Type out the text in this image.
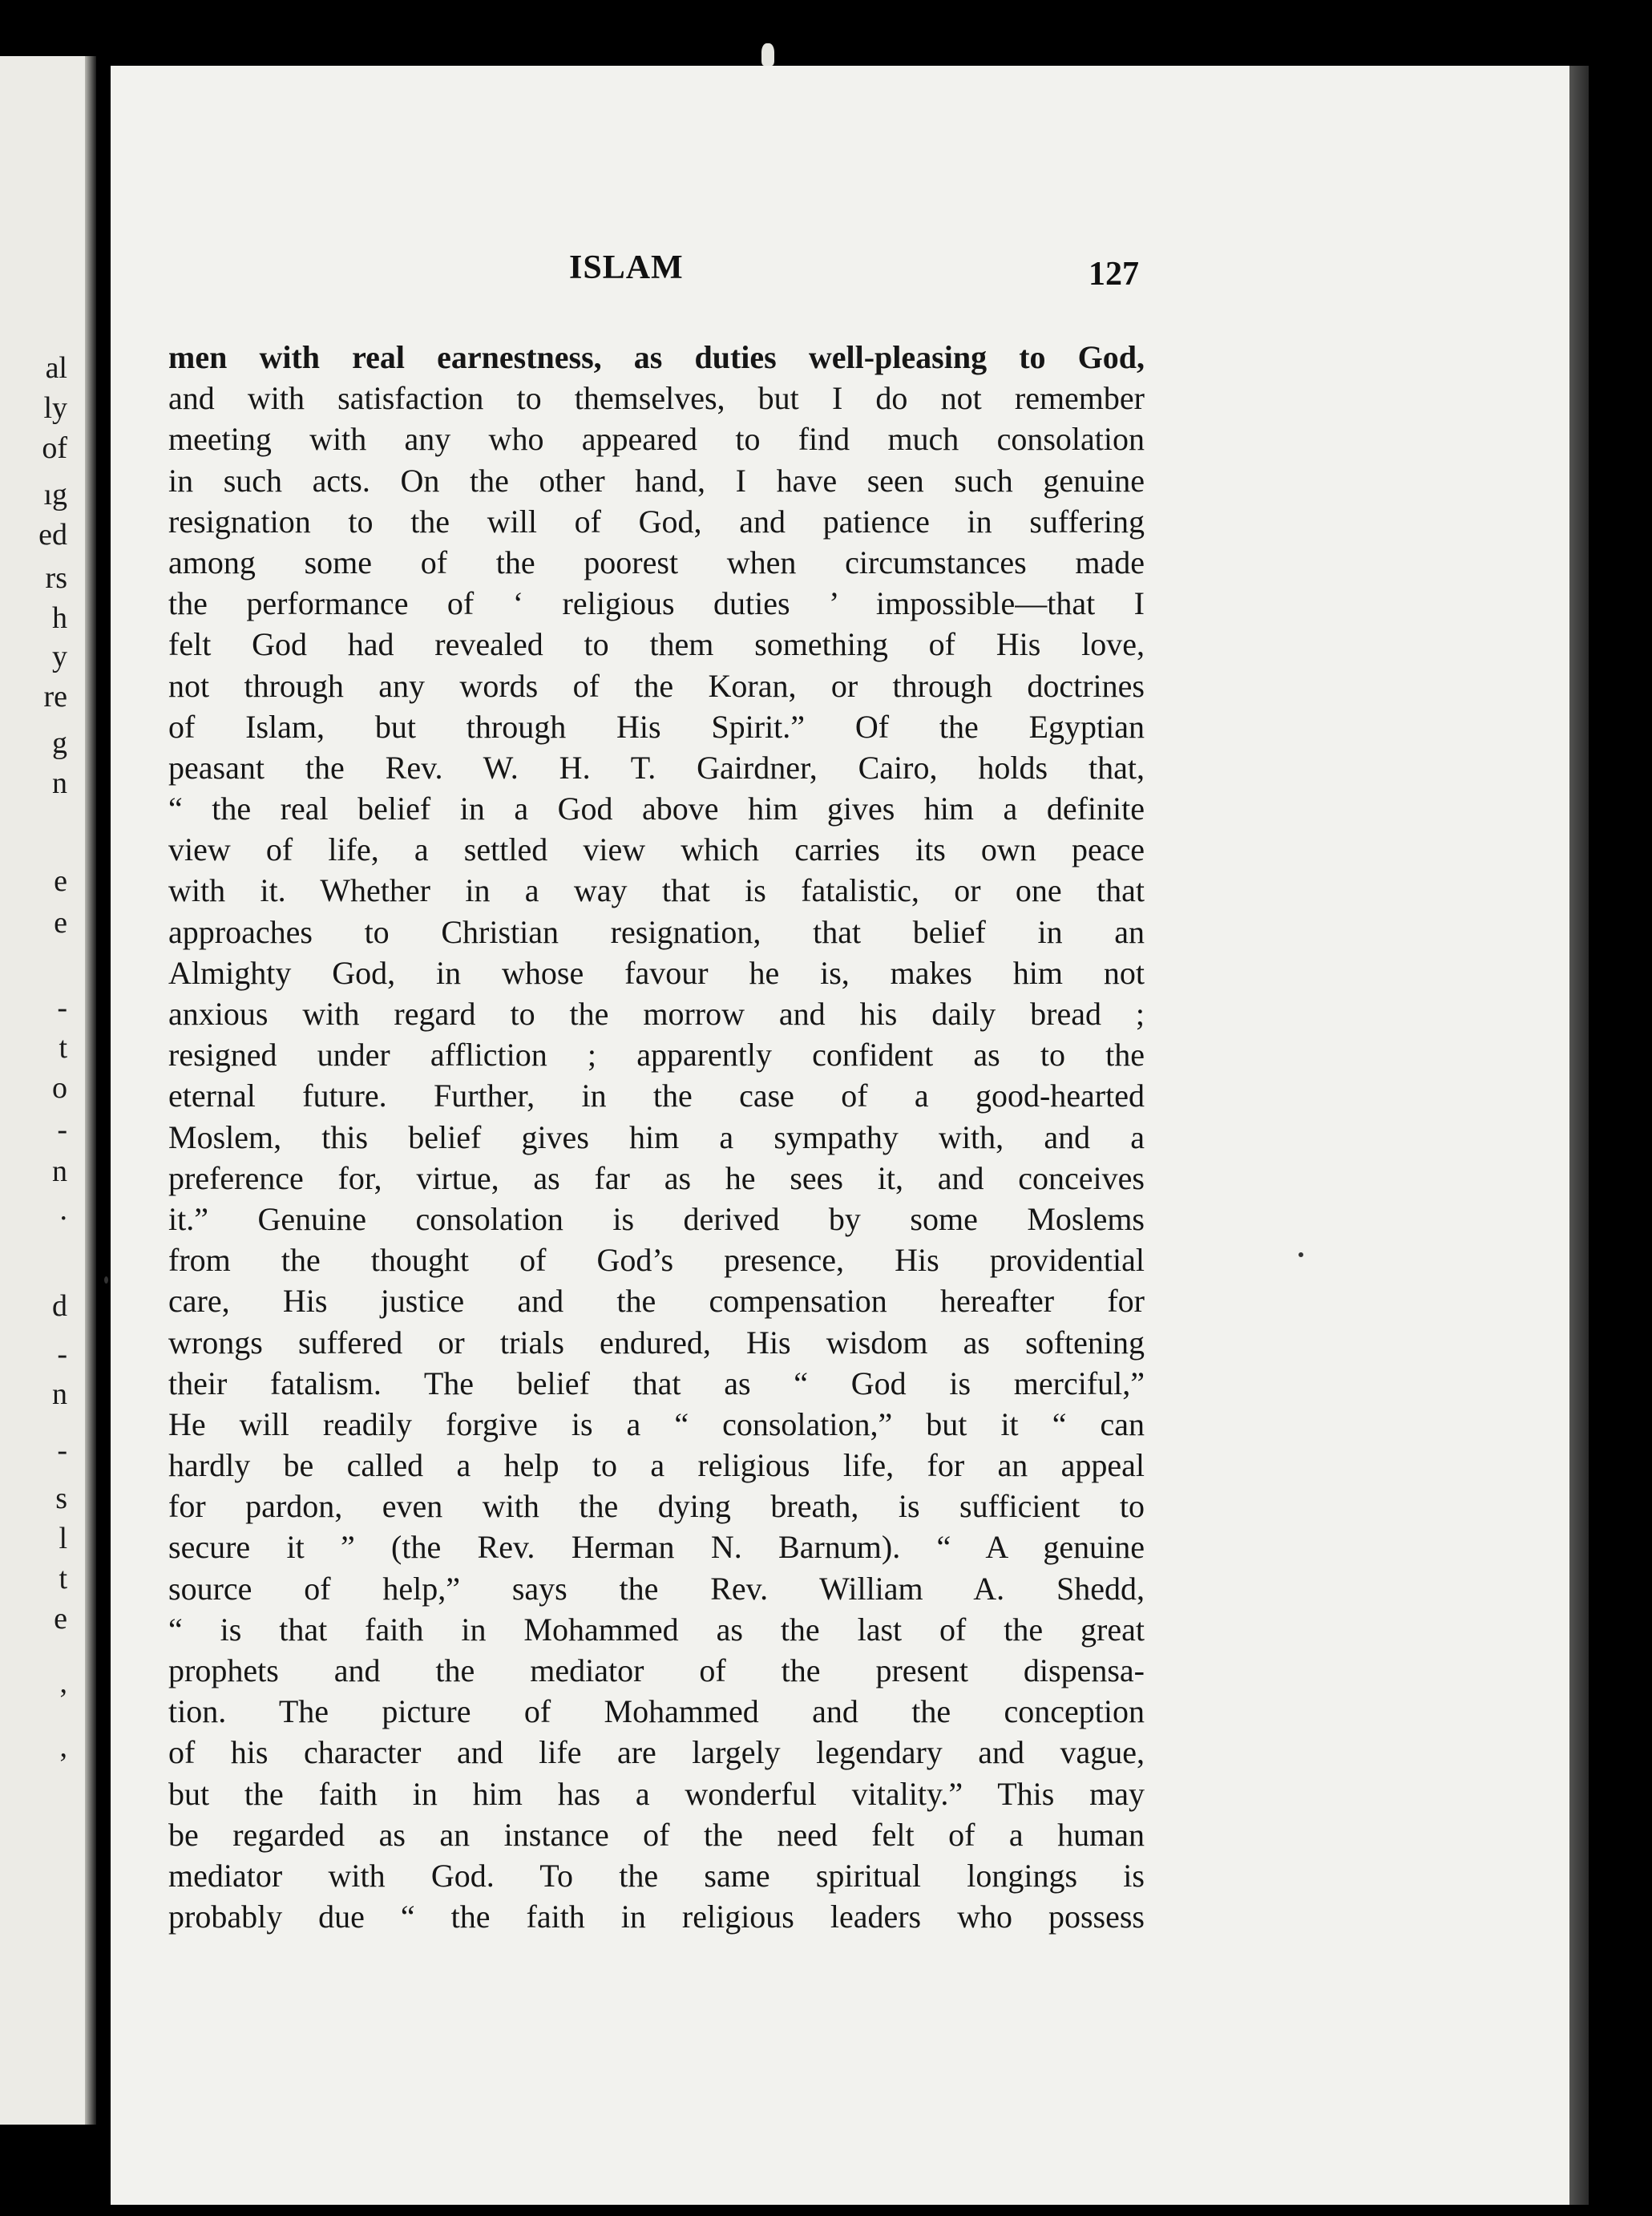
al
ly
of
ıg
ed
rs
h
y
re
g
n
e
e
-
t
o
-
n
.
d
-
n
-
s
l
t
e
,
,
ISLAM	127
men with real earnestness, as duties well-pleasing to God,
and with satisfaction to themselves, but I do not remember
meeting with any who appeared to find much consolation
in such acts. On the other hand, I have seen such genuine
resignation to the will of God, and patience in suffering
among some of the poorest when circumstances made
the performance of ‘ religious duties ’ impossible—that I
felt God had revealed to them something of His love,
not through any words of the Koran, or through doctrines
of Islam, but through His Spirit.” Of the Egyptian
peasant the Rev. W. H. T. Gairdner, Cairo, holds that,
“ the real belief in a God above him gives him a definite
view of life, a settled view which carries its own peace
with it. Whether in a way that is fatalistic, or one that
approaches to Christian resignation, that belief in an
Almighty God, in whose favour he is, makes him not
anxious with regard to the morrow and his daily bread ;
resigned under affliction ; apparently confident as to the
eternal future. Further, in the case of a good-hearted
Moslem, this belief gives him a sympathy with, and a
preference for, virtue, as far as he sees it, and conceives
it.” Genuine consolation is derived by some Moslems
from the thought of God’s presence, His providential
care, His justice and the compensation hereafter for
wrongs suffered or trials endured, His wisdom as softening
their fatalism. The belief that as “ God is merciful,”
He will readily forgive is a “ consolation,” but it “ can
hardly be called a help to a religious life, for an appeal
for pardon, even with the dying breath, is sufficient to
secure it ” (the Rev. Herman N. Barnum). “ A genuine
source of help,” says the Rev. William A. Shedd,
“ is that faith in Mohammed as the last of the great
prophets and the mediator of the present dispensa-
tion. The picture of Mohammed and the conception
of his character and life are largely legendary and vague,
but the faith in him has a wonderful vitality.” This may
be regarded as an instance of the need felt of a human
mediator with God. To the same spiritual longings is
probably due “ the faith in religious leaders who possess
